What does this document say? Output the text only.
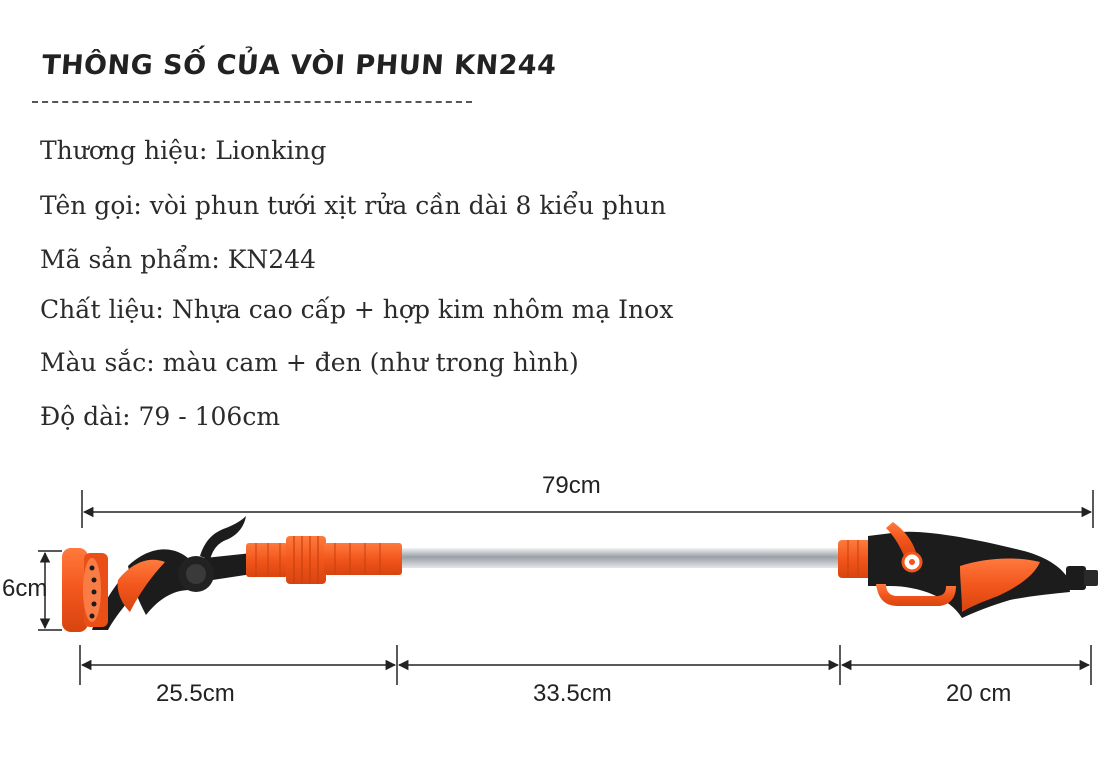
THÔNG SỐ CỦA VÒI PHUN KN244
Thương hiệu: Lionking
Tên gọi: vòi phun tưới xịt rửa cần dài 8 kiểu phun
Mã sản phẩm: KN244
Chất liệu: Nhựa cao cấp + hợp kim nhôm mạ Inox
Màu sắc: màu cam + đen (như trong hình)
Độ dài: 79 - 106cm
79cm
6cm
25.5cm	33.5cm	20 cm
